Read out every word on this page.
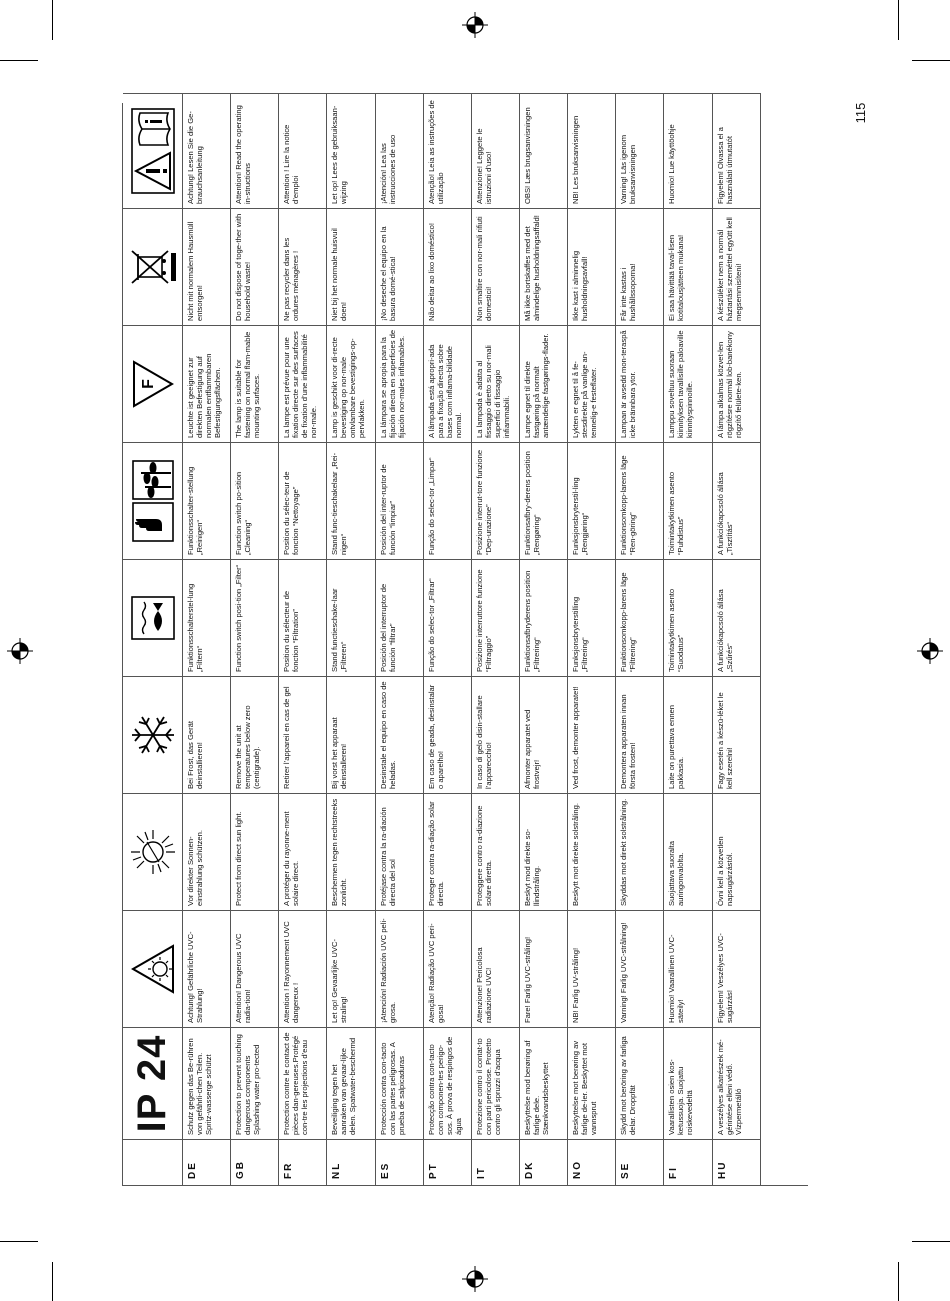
115
IP 24
F
DE
Schutz gegen das Be-rühren von gefährli-chen Teilen. Spritz-wasserge schützt
Achtung! Gefährliche UVC-Strahlung!
Vor direkter Sonnen-einstrahlung schützen.
Bei Frost, das Gerät deinstallieren!
Funktionsschalterstel-lung „Filtern“
Funktionsschalter-stellung „Reinigen“
Leuchte ist geeignet zur direkten Befestigung auf normalen entflammbaren Befestigungsflächen.
Nicht mit normalem Hausmüll entsorgen!
Achtung! Lesen Sie die Ge-brauchsanleitung
GB
Protection to prevent touching dangerous components Splashing water pro-tected
Attention! Dangerous UVC radia-tion!
Protect from direct sun light.
Remove the unit at temperatures below zero (centigrade).
Function switch posi-tion „Filter“
Function switch po-sition „Cleaning“
The lamp is suitable for fastening on normal flam-mable mounting surfaces.
Do not dispose of toge-ther with household waste!
Attention! Read the operating in-structions
FR
Protection contre le contact de pièces dan-gereuses.Protégé con-tre les projections d’eau
Attention ! Rayonnement UVC dangereux !
A protéger du rayonne-ment solaire direct.
Retirer l’appareil en cas de gel
Position du sélecteur de fonction “Filtration”
Position du sélec-teur de fonction “Nettoyage”
La lampe est prévue pour une fixation directe sur des surfaces de fixation d’une inflammabilité nor-male.
Ne pas recycler dans les ordures ménagères !
Attention ! Lire la notice d’emploi
NL
Beveiliging tegen het aanraken van gevaar-lijke delen. Spatwater-beschermd
Let op! Gevaarlijke UVC-straling!
Beschermen tegen rechtstreeks zonlicht.
Bij vorst het apparaat deinstalleren!
Stand functieschake-laar „Filteren“
Stand func-tieschakelaar „Rei-nigen“
Lamp is geschikt voor di-recte bevestiging op nor-male ontvlambare bevestigings-op-pervlakken.
Niet bij het normale huisvuil doen!
Let op! Lees de gebruiksaan-wijzing
ES
Protección contra con-tacto con las partes peligrosas. A prueba de salpicaduras
¡Atención! Radiación UVC peli-grosa.
Protéjase contra la ra-diación directa del sol
Desinstale el equipo en caso de heladas.
Posición del interruptor de función “filtrar”
Posición del inter-ruptor de función “limpiar”
La lámpara se apropia para la fijación directa en superficies de fijación nor-males inflamables.
¡No deseche el equipo en la basura domé-stica!
¡Atención! Lea las instrucciones de uso
PT
Protecção contra con-tacto com componen-tes perigo-sos. À prova de respingos de água
Atenção! Radiação UVC peri-gosa!
Proteger contra ra-diação solar directa.
Em caso de geada, desinstalar o aparelho!
Função do selec-tor „Filtrar“
Função do selec-tor „Limpar“
A lâmpada está apropri-ada para a fixação directa sobre bases com inflama-bilidade normal.
Não deitar ao lixo doméstico!
Atenção! Leia as instruções de utilização
IT
Protezione contro il contat-to con parti pericolose. Protetto contro gli spruzzi d’acqua
Attenzione! Pericolosa radiazione UVC!
Proteggere contro ra-diazione solare diretta.
In caso di gelo disin-stallare l’apparecchio!
Posizione interruttore funzione “Filtraggio”
Posizione interrut-tore funzione “Dep-urazione”
La lampada è adatta al fissaggio diretto su nor-mali superfici di fissaggio infiammabili.
Non smaltire con nor-mali rifiuti domestici!
Attenzione! Leggete le istruzioni d’uso!
DK
Beskyttelse mod berøring af farlige dele. Stænkvandsbeskyttet
Fare! Farlig UVC-stråling!
Beskyt mod direkte so-llindstråling.
Afmonter apparatet ved frostvejr!
Funktionsafbryderens position „Filtrering“
Funktionsafbry-derens position „Rengøring“
Lampe egnet til direkte fastgøring på normalt antændelige fastgørings-flader.
Må ikke bortskaffes med det almindelige husholdningsaffald!
OBS! Læs brugsanvisningen
NO
Beskyttelse mot berøring av farlige de-ler. Beskyttet mot vannsprut
NB! Farlig UV-stråling!
Beskytt mot direkte solstråling.
Ved frost, demonter apparatet!
Funksjonsbryterstilling „Filtrering“
Funksjonsbryterstil-ling „Rengjøring“
Lykten er egnet til å fe-stesdirekte på vanlige an-tennelig-e festeflater.
Ikke kast i alminnelig husholdningsavfall!
NB! Les bruksanvisningen
SE
Skydd mot beröring av farliga delar. Droppfät
Varning! Farlig UVC-strålning!
Skyddas mot direkt solstrålning.
Demontera apparaten innan första frosten!
Funktionsomkopp-larens läge “Filtrering”
Funktionsomkopp-larens läge “Ren-göring”
Lampan är avsedd mon-teraspå icke brännbara ytor.
Får inte kastas i hushållssoporna!
Varning! Läs igenom bruksanvisningen
FI
Vaarallisten osien kos-ketussuoja. Suojattu roiskevedeltä
Huomio! Vaarallinen UVC-säteily!
Suojattava suoralta auringonvalolta.
Laite on purettava ennen pakkasia.
Toimintakytkimen asento “Suodatus”
Toimintakytkimen asento “Puhdistus”
Lamppu soveltuu suoraan kiinnityksen tavallisille paloaville kiinnityspinnoille.
Ei saa hävittää taval-lisen kotitalousjätteen mukana!
Huomio! Lue käyttöohje
HU
A veszélyes alkatrészek mé-gérintése elleni védő. Vízpermetálló
Figyelem! Veszélyes UVC-sugárzás!
Óvni kell a közvetlen napsugárzástól.
Fagy esetén a készü-léket le kell szerelni!
A funkciókapcsoló állása „Szűrés“
A funkciókapcsoló állása „Tisztítás“
A lámpa alkalmas közvet-len rögzítésre normál lob-banékony rögzítő felülete-ken.
A készüléket nem a normál háztartási szeméttel együtt kell megsemmisíteni!
Figyelem! Olvassa el a használati útmutatót
